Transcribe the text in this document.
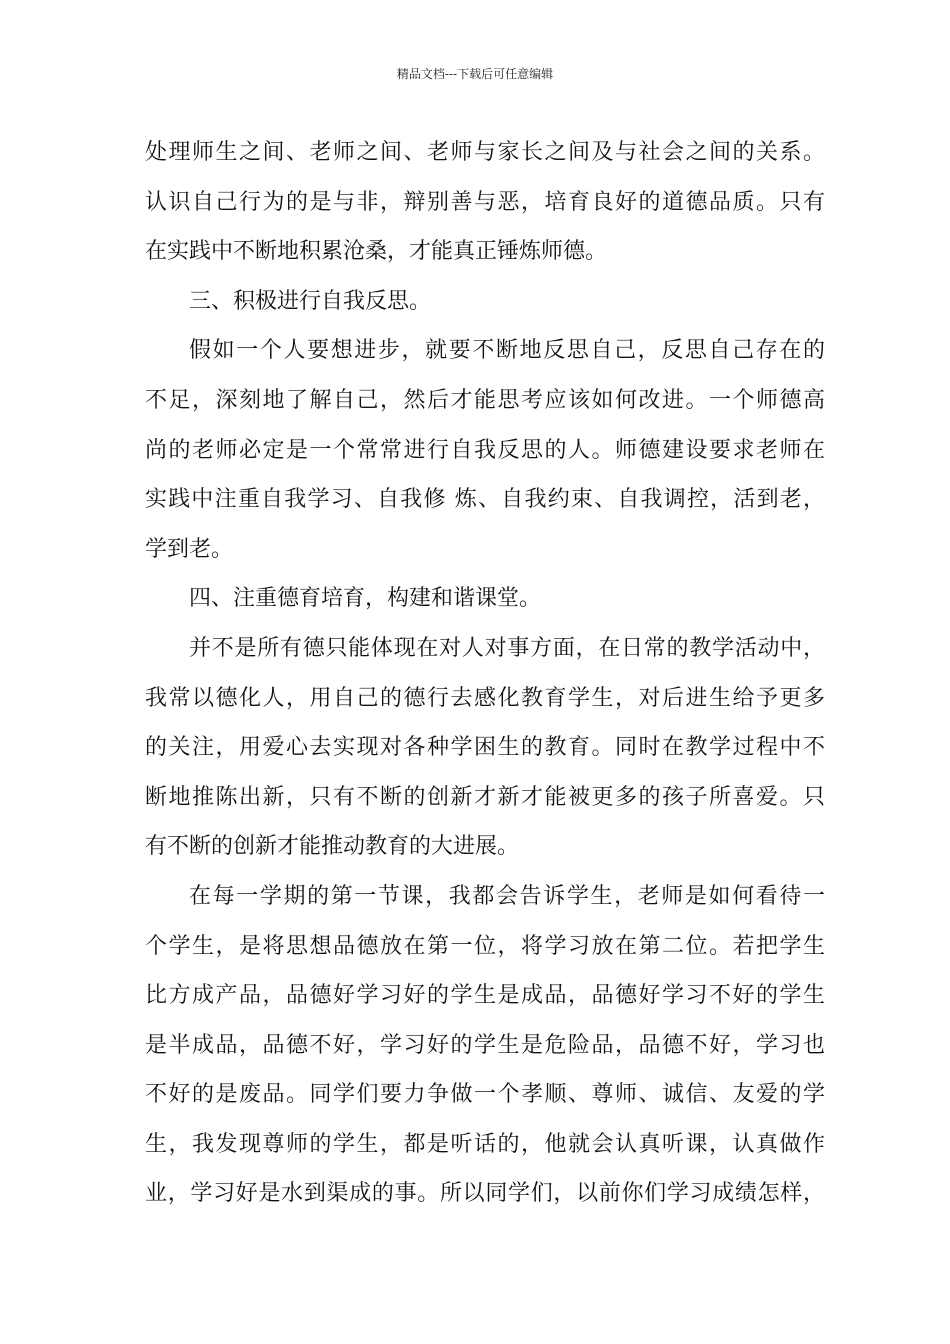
精品文档---下载后可任意编辑
处理师生之间、老师之间、老师与家长之间及与社会之间的关系。
认识自己行为的是与非，辩别善与恶，培育良好的道德品质。只有
在实践中不断地积累沧桑，才能真正锤炼师德。
三、积极进行自我反思。
假如一个人要想进步，就要不断地反思自己，反思自己存在的
不足，深刻地了解自己，然后才能思考应该如何改进。一个师德高
尚的老师必定是一个常常进行自我反思的人。师德建设要求老师在
实践中注重自我学习、自我修 炼、自我约束、自我调控，活到老，
学到老。
四、注重德育培育，构建和谐课堂。
并不是所有德只能体现在对人对事方面，在日常的教学活动中，
我常以德化人，用自己的德行去感化教育学生，对后进生给予更多
的关注，用爱心去实现对各种学困生的教育。同时在教学过程中不
断地推陈出新，只有不断的创新才新才能被更多的孩子所喜爱。只
有不断的创新才能推动教育的大进展。
在每一学期的第一节课，我都会告诉学生，老师是如何看待一
个学生，是将思想品德放在第一位，将学习放在第二位。若把学生
比方成产品，品德好学习好的学生是成品，品德好学习不好的学生
是半成品，品德不好，学习好的学生是危险品，品德不好，学习也
不好的是废品。同学们要力争做一个孝顺、尊师、诚信、友爱的学
生，我发现尊师的学生，都是听话的，他就会认真听课，认真做作
业，学习好是水到渠成的事。所以同学们，以前你们学习成绩怎样，
